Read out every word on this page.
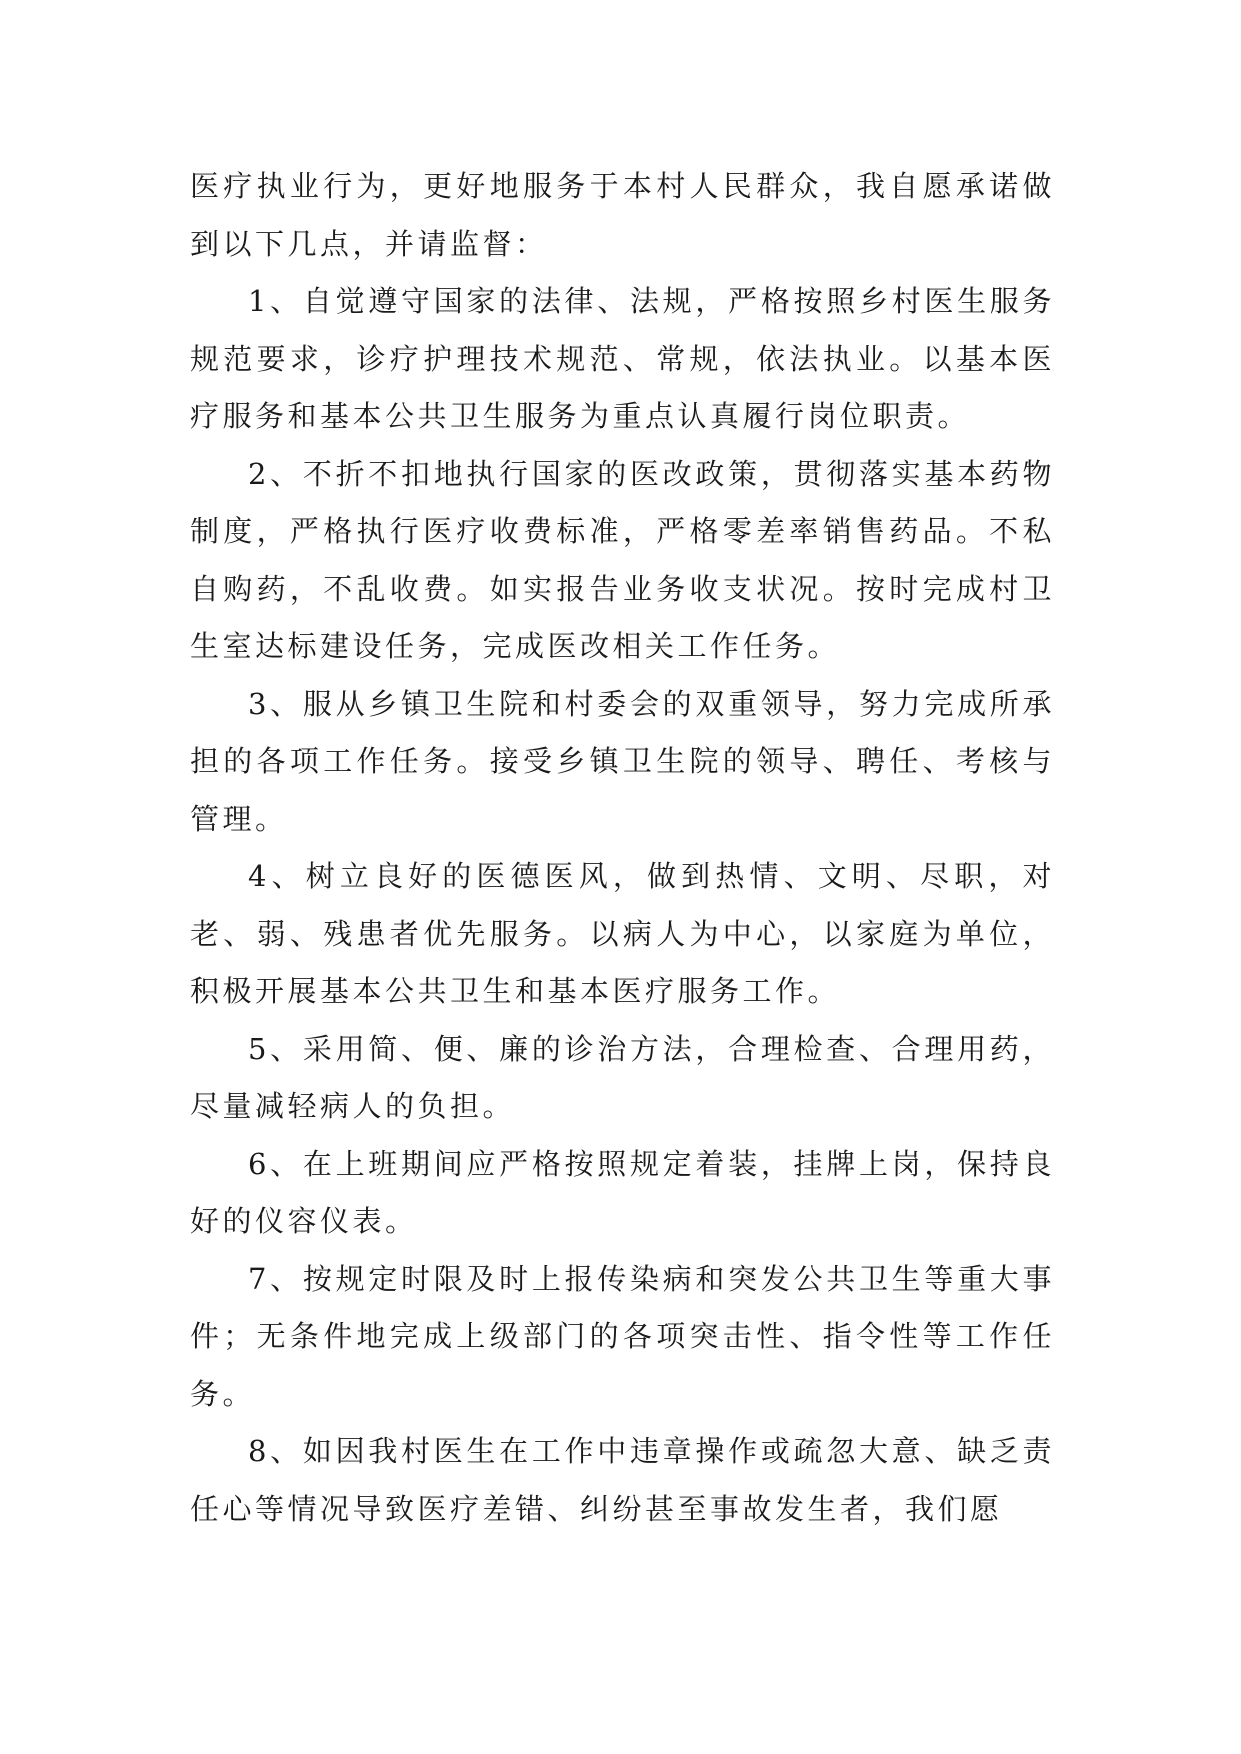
医疗执业行为，更好地服务于本村人民群众，我自愿承诺做到以下几点，并请监督：

1、自觉遵守国家的法律、法规，严格按照乡村医生服务规范要求，诊疗护理技术规范、常规，依法执业。以基本医疗服务和基本公共卫生服务为重点认真履行岗位职责。

2、不折不扣地执行国家的医改政策，贯彻落实基本药物制度，严格执行医疗收费标准，严格零差率销售药品。不私自购药，不乱收费。如实报告业务收支状况。按时完成村卫生室达标建设任务，完成医改相关工作任务。

3、服从乡镇卫生院和村委会的双重领导，努力完成所承担的各项工作任务。接受乡镇卫生院的领导、聘任、考核与管理。

4、树立良好的医德医风，做到热情、文明、尽职，对老、弱、残患者优先服务。以病人为中心，以家庭为单位，积极开展基本公共卫生和基本医疗服务工作。

5、采用简、便、廉的诊治方法，合理检查、合理用药，尽量减轻病人的负担。

6、在上班期间应严格按照规定着装，挂牌上岗，保持良好的仪容仪表。

7、按规定时限及时上报传染病和突发公共卫生等重大事件；无条件地完成上级部门的各项突击性、指令性等工作任务。

8、如因我村医生在工作中违章操作或疏忽大意、缺乏责任心等情况导致医疗差错、纠纷甚至事故发生者，我们愿
